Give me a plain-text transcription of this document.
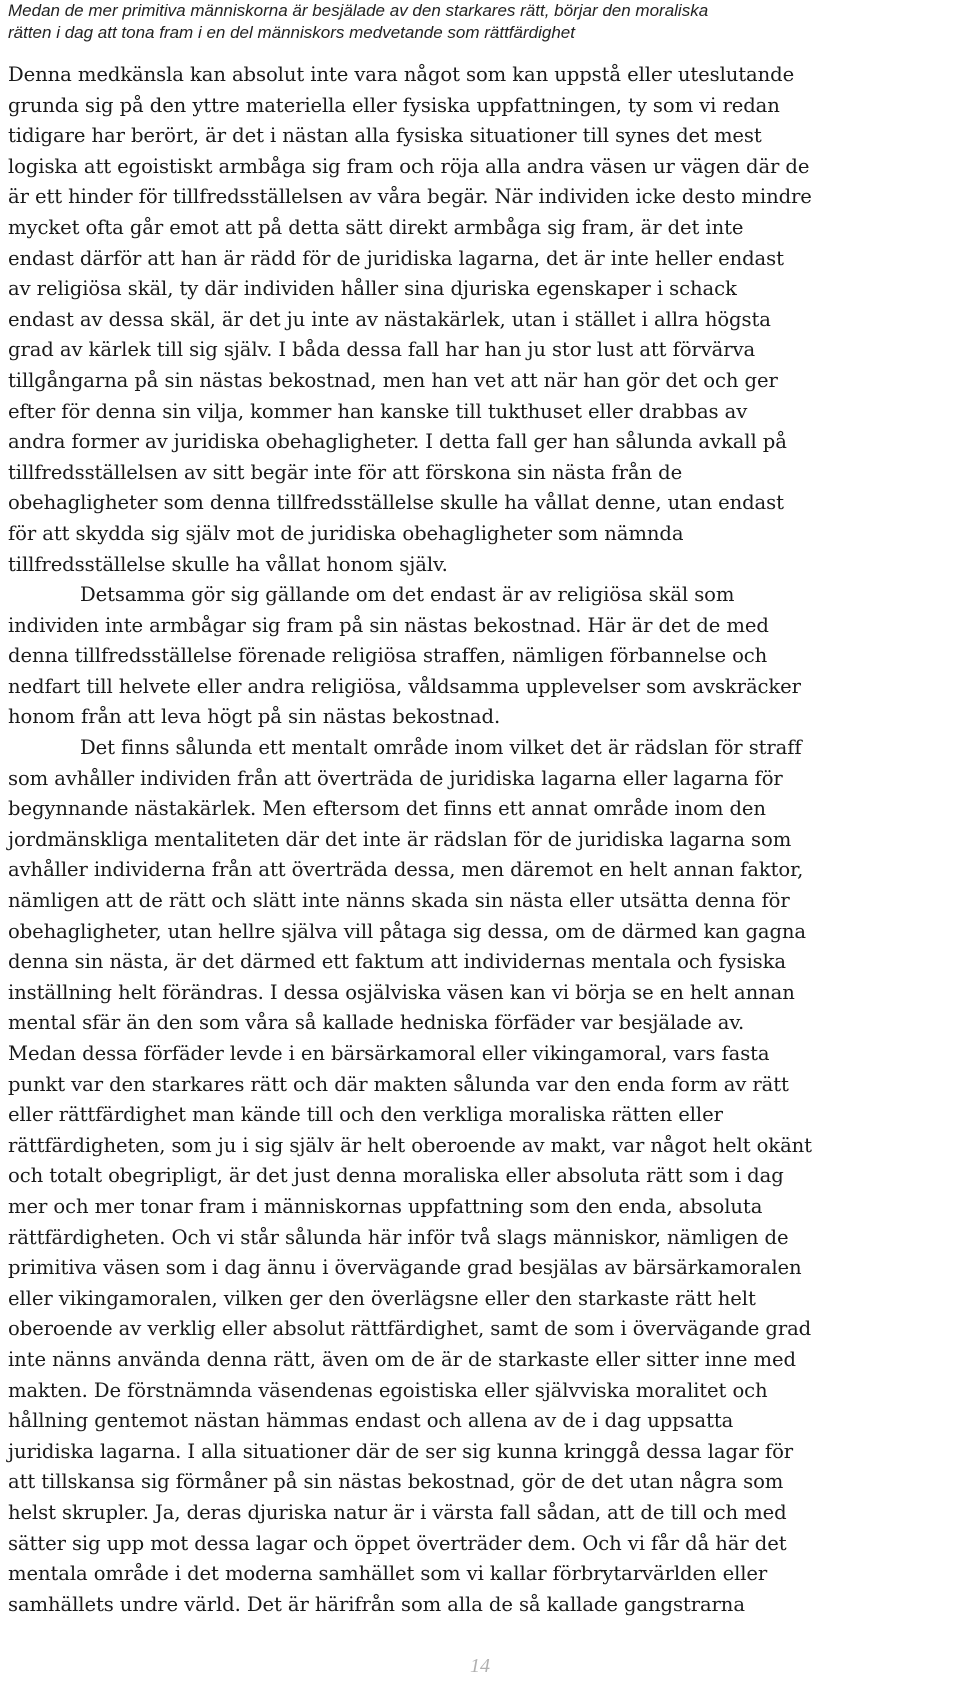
Medan de mer primitiva människorna är besjälade av den starkares rätt, börjar den moraliska
rätten i dag att tona fram i en del människors medvetande som rättfärdighet

Denna medkänsla kan absolut inte vara något som kan uppstå eller uteslutande

grunda sig på den yttre materiella eller fysiska uppfattningen, ty som vi redan

tidigare har berört, är det i nästan alla fysiska situationer till synes det mest

logiska att egoistiskt armbåga sig fram och röja alla andra väsen ur vägen där de

är ett hinder för tillfredsställelsen av våra begär. När individen icke desto mindre

mycket ofta går emot att på detta sätt direkt armbåga sig fram, är det inte

endast därför att han är rädd för de juridiska lagarna, det är inte heller endast

av religiösa skäl, ty där individen håller sina djuriska egenskaper i schack

endast av dessa skäl, är det ju inte av nästakärlek, utan i stället i allra högsta

grad av kärlek till sig själv. I båda dessa fall har han ju stor lust att förvärva

tillgångarna på sin nästas bekostnad, men han vet att när han gör det och ger

efter för denna sin vilja, kommer han kanske till tukthuset eller drabbas av

andra former av juridiska obehagligheter. I detta fall ger han sålunda avkall på

tillfredsställelsen av sitt begär inte för att förskona sin nästa från de

obehagligheter som denna tillfredsställelse skulle ha vållat denne, utan endast

för att skydda sig själv mot de juridiska obehagligheter som nämnda

tillfredsställelse skulle ha vållat honom själv.

Detsamma gör sig gällande om det endast är av religiösa skäl som

individen inte armbågar sig fram på sin nästas bekostnad. Här är det de med

denna tillfredsställelse förenade religiösa straffen, nämligen förbannelse och

nedfart till helvete eller andra religiösa, våldsamma upplevelser som avskräcker

honom från att leva högt på sin nästas bekostnad.

Det finns sålunda ett mentalt område inom vilket det är rädslan för straff

som avhåller individen från att överträda de juridiska lagarna eller lagarna för

begynnande nästakärlek. Men eftersom det finns ett annat område inom den

jordmänskliga mentaliteten där det inte är rädslan för de juridiska lagarna som

avhåller individerna från att överträda dessa, men däremot en helt annan faktor,

nämligen att de rätt och slätt inte nänns skada sin nästa eller utsätta denna för

obehagligheter, utan hellre själva vill påtaga sig dessa, om de därmed kan gagna

denna sin nästa, är det därmed ett faktum att individernas mentala och fysiska

inställning helt förändras. I dessa osjälviska väsen kan vi börja se en helt annan

mental sfär än den som våra så kallade hedniska förfäder var besjälade av.

Medan dessa förfäder levde i en bärsärkamoral eller vikingamoral, vars fasta

punkt var den starkares rätt och där makten sålunda var den enda form av rätt

eller rättfärdighet man kände till och den verkliga moraliska rätten eller

rättfärdigheten, som ju i sig själv är helt oberoende av makt, var något helt okänt

och totalt obegripligt, är det just denna moraliska eller absoluta rätt som i dag

mer och mer tonar fram i människornas uppfattning som den enda, absoluta

rättfärdigheten. Och vi står sålunda här inför två slags människor, nämligen de

primitiva väsen som i dag ännu i övervägande grad besjälas av bärsärkamoralen

eller vikingamoralen, vilken ger den överlägsne eller den starkaste rätt helt

oberoende av verklig eller absolut rättfärdighet, samt de som i övervägande grad

inte nänns använda denna rätt, även om de är de starkaste eller sitter inne med

makten. De förstnämnda väsendenas egoistiska eller självviska moralitet och

hållning gentemot nästan hämmas endast och allena av de i dag uppsatta

juridiska lagarna. I alla situationer där de ser sig kunna kringgå dessa lagar för

att tillskansa sig förmåner på sin nästas bekostnad, gör de det utan några som

helst skrupler. Ja, deras djuriska natur är i värsta fall sådan, att de till och med

sätter sig upp mot dessa lagar och öppet överträder dem. Och vi får då här det

mentala område i det moderna samhället som vi kallar förbrytarvärlden eller

samhällets undre värld. Det är härifrån som alla de så kallade gangstrarna

14
